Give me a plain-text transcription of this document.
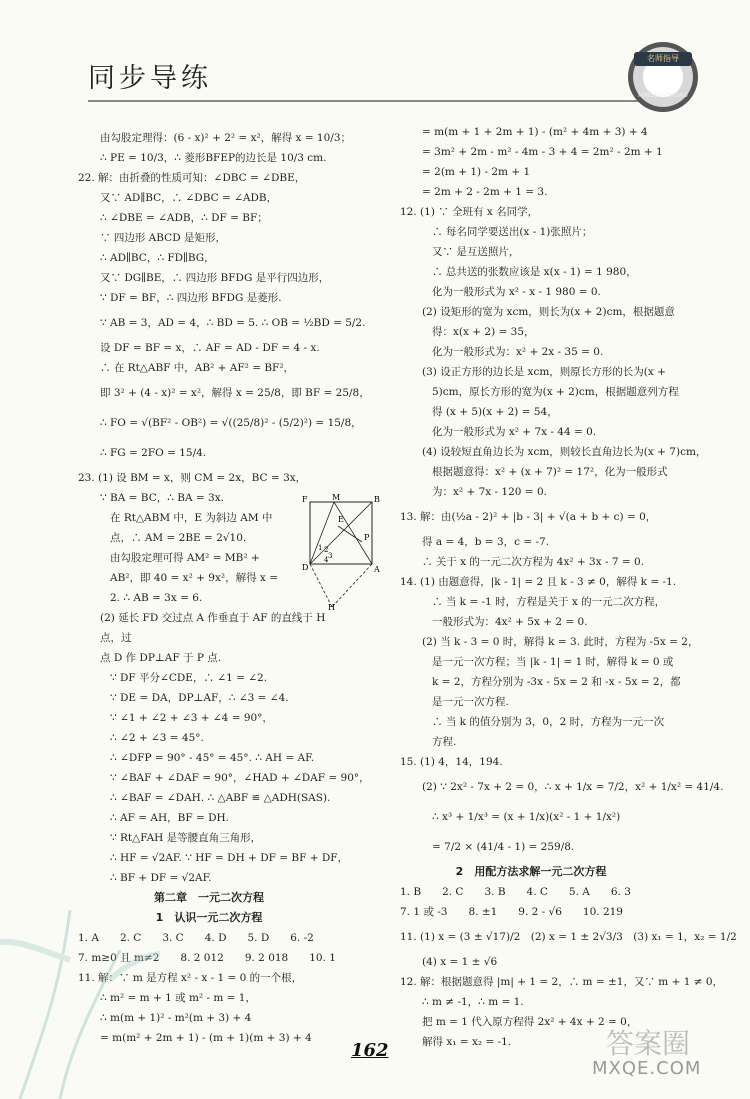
同步导练
名师指导
MINGSHIZHIDAO
由勾股定理得：(6 - x)² + 2² = x²，解得 x = 10/3；
∴ PE = 10/3，∴ 菱形BFEP的边长是 10/3 cm.
22. 解：由折叠的性质可知：∠DBC = ∠DBE，
又∵ AD∥BC，∴ ∠DBC = ∠ADB，
∴ ∠DBE = ∠ADB，∴ DF = BF；
∵ 四边形 ABCD 是矩形，
∴ AD∥BC，∴ FD∥BG，
又∵ DG∥BE，∴ 四边形 BFDG 是平行四边形，
∵ DF = BF，∴ 四边形 BFDG 是菱形.
∵ AB = 3，AD = 4，∴ BD = 5. ∴ OB = ½BD = 5/2.
设 DF = BF = x，∴ AF = AD - DF = 4 - x.
∴ 在 Rt△ABF 中，AB² + AF² = BF²，
即 3² + (4 - x)² = x²，解得 x = 25/8，即 BF = 25/8，
∴ FO = √(BF² - OB²) = √((25/8)² - (5/2)²) = 15/8，
∴ FG = 2FO = 15/4.
23. (1) 设 BM = x，则 CM = 2x，BC = 3x，
∵ BA = BC，∴ BA = 3x.
在 Rt△ABM 中，E 为斜边 AM 中
点，∴ AM = 2BE = 2√10.
由勾股定理可得 AM² = MB² +
AB²，即 40 = x² + 9x²，解得 x =
2. ∴ AB = 3x = 6.
(2) 延长 FD 交过点 A 作垂直于 AF 的直线于 H 点，过
点 D 作 DP⊥AF 于 P 点.
∵ DF 平分∠CDE，∴ ∠1 = ∠2.
∵ DE = DA，DP⊥AF，∴ ∠3 = ∠4.
∵ ∠1 + ∠2 + ∠3 + ∠4 = 90°，
∴ ∠2 + ∠3 = 45°.
∴ ∠DFP = 90° - 45° = 45°. ∴ AH = AF.
∵ ∠BAF + ∠DAF = 90°，∠HAD + ∠DAF = 90°，
∴ ∠BAF = ∠DAH. ∴ △ABF ≌ △ADH(SAS). ∴ AF = AH，BF = DH.
∵ Rt△FAH 是等腰直角三角形，
∴ HF = √2AF. ∵ HF = DH + DF = BF + DF，
∴ BF + DF = √2AF.
第二章　一元二次方程
1　认识一元二次方程
1. A　　2. C　　3. C　　4. D　　5. D　　6. -2
7. m≥0 且 m≠2　　8. 2 012　　9. 2 018　　10. 1
11. 解：∵ m 是方程 x² - x - 1 = 0 的一个根，
∴ m² = m + 1 或 m² - m = 1，
∴ m(m + 1)² - m²(m + 3) + 4
= m(m² + 2m + 1) - (m + 1)(m + 3) + 4
F	M	B
E
P
D	A
H
1 2
3
4
= m(m + 1 + 2m + 1) - (m² + 4m + 3) + 4
= 3m² + 2m - m² - 4m - 3 + 4 = 2m² - 2m + 1
= 2(m + 1) - 2m + 1
= 2m + 2 - 2m + 1 = 3.
12. (1) ∵ 全班有 x 名同学，
∴ 每名同学要送出(x - 1)张照片；
又∵ 是互送照片，
∴ 总共送的张数应该是 x(x - 1) = 1 980，
化为一般形式为 x² - x - 1 980 = 0.
(2) 设矩形的宽为 xcm，则长为(x + 2)cm，根据题意
得：x(x + 2) = 35，
化为一般形式为：x² + 2x - 35 = 0.
(3) 设正方形的边长是 xcm，则原长方形的长为(x +
5)cm，原长方形的宽为(x + 2)cm，根据题意列方程
得 (x + 5)(x + 2) = 54，
化为一般形式为 x² + 7x - 44 = 0.
(4) 设较短直角边长为 xcm，则较长直角边长为(x + 7)cm，
根据题意得：x² + (x + 7)² = 17²，化为一般形式
为：x² + 7x - 120 = 0.
13. 解：由(½a - 2)² + |b - 3| + √(a + b + c) = 0，
得 a = 4，b = 3，c = -7.
∴ 关于 x 的一元二次方程为 4x² + 3x - 7 = 0.
14. (1) 由题意得，|k - 1| = 2 且 k - 3 ≠ 0，解得 k = -1.
∴ 当 k = -1 时，方程是关于 x 的一元二次方程，
一般形式为：4x² + 5x + 2 = 0.
(2) 当 k - 3 = 0 时，解得 k = 3. 此时，方程为 -5x = 2，
是一元一次方程；当 |k - 1| = 1 时，解得 k = 0 或
k = 2，方程分别为 -3x - 5x = 2 和 -x - 5x = 2，都
是一元一次方程.
∴ 当 k 的值分别为 3，0，2 时，方程为一元一次
方程.
15. (1) 4，14，194.
(2) ∵ 2x² - 7x + 2 = 0，∴ x + 1/x = 7/2，x² + 1/x² = 41/4.
∴ x³ + 1/x³ = (x + 1/x)(x² - 1 + 1/x²)
= 7/2 × (41/4 - 1) = 259/8.
2　用配方法求解一元二次方程
1. B　　2. C　　3. B　　4. C　　5. A　　6. 3
7. 1 或 -3　　8. ±1　　9. 2 - √6　　10. 219
11. (1) x = (3 ± √17)/2　(2) x = 1 ± 2√3/3　(3) x₁ = 1，x₂ = 1/2
(4) x = 1 ± √6
12. 解：根据题意得 |m| + 1 = 2，∴ m = ±1，又∵ m + 1 ≠ 0，
∴ m ≠ -1，∴ m = 1.
把 m = 1 代入原方程得 2x² + 4x + 2 = 0，
解得 x₁ = x₂ = -1.
162	答案圈
MXQE.COM
